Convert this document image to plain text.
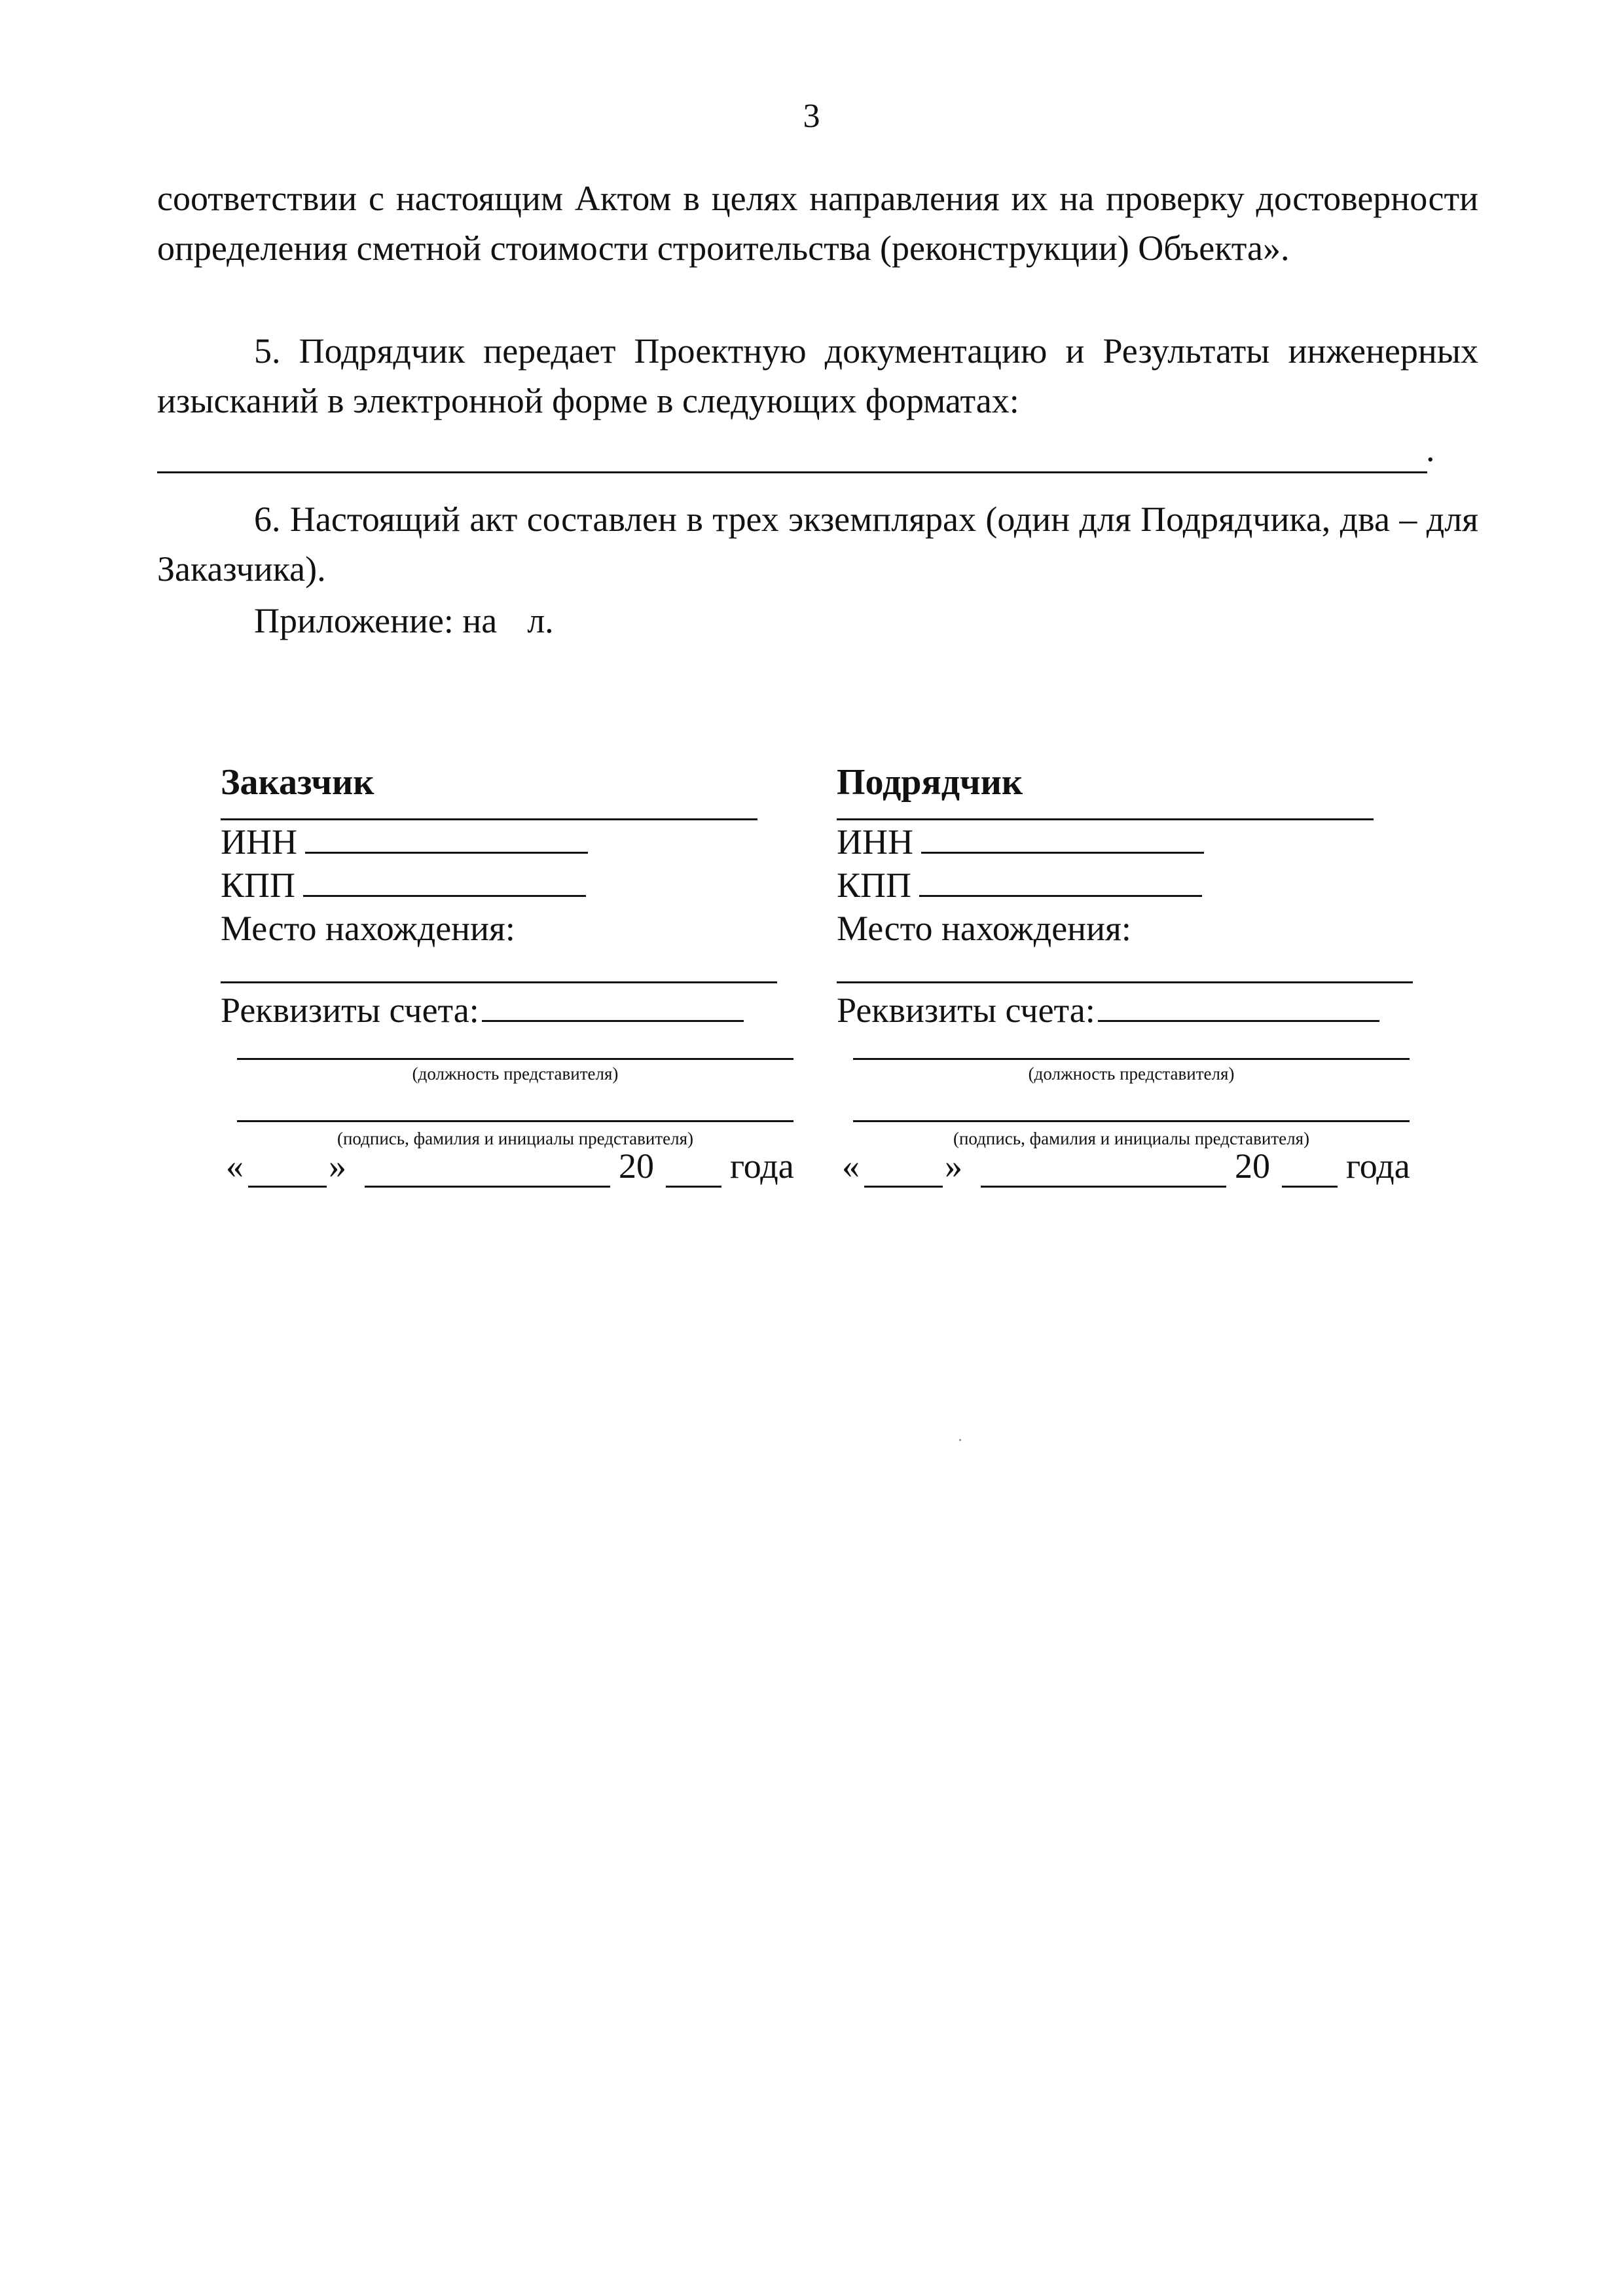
3

соответствии с настоящим Актом в целях направления их на проверку достоверности определения сметной стоимости строительства (реконструкции) Объекта».

5. Подрядчик передает Проектную документацию и Результаты инженерных изысканий в электронной форме в следующих форматах:

.

6. Настоящий акт составлен в трех экземплярах (один для Подрядчика, два – для Заказчика).

Приложение: на л.
Заказчик
ИНН
КПП
Место нахождения:
Реквизиты счета:
(должность представителя)
(подпись, фамилия и инициалы представителя)
« »	20 года
Подрядчик
ИНН
КПП
Место нахождения:
Реквизиты счета:
(должность представителя)
(подпись, фамилия и инициалы представителя)
« »	20 года
